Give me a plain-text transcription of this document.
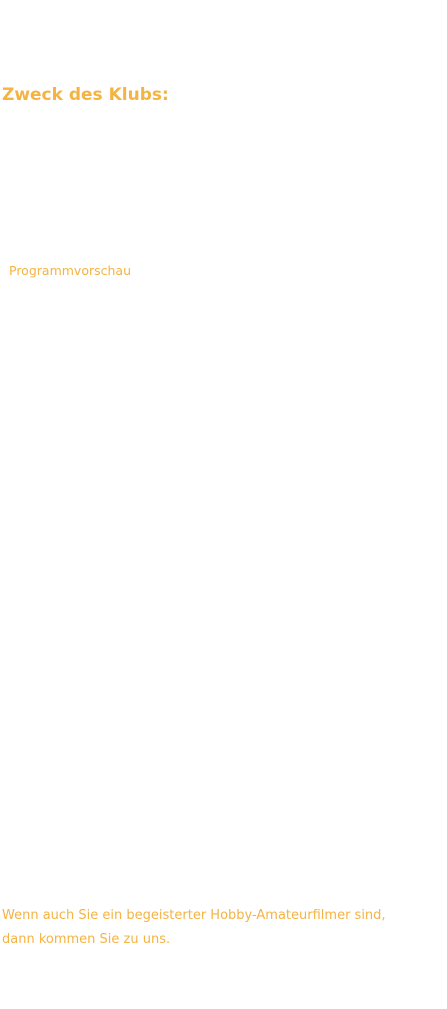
Zweck des Klubs:
Programmvorschau

Wenn auch Sie ein begeisterter Hobby-Amateurfilmer sind,
dann kommen Sie zu uns.
